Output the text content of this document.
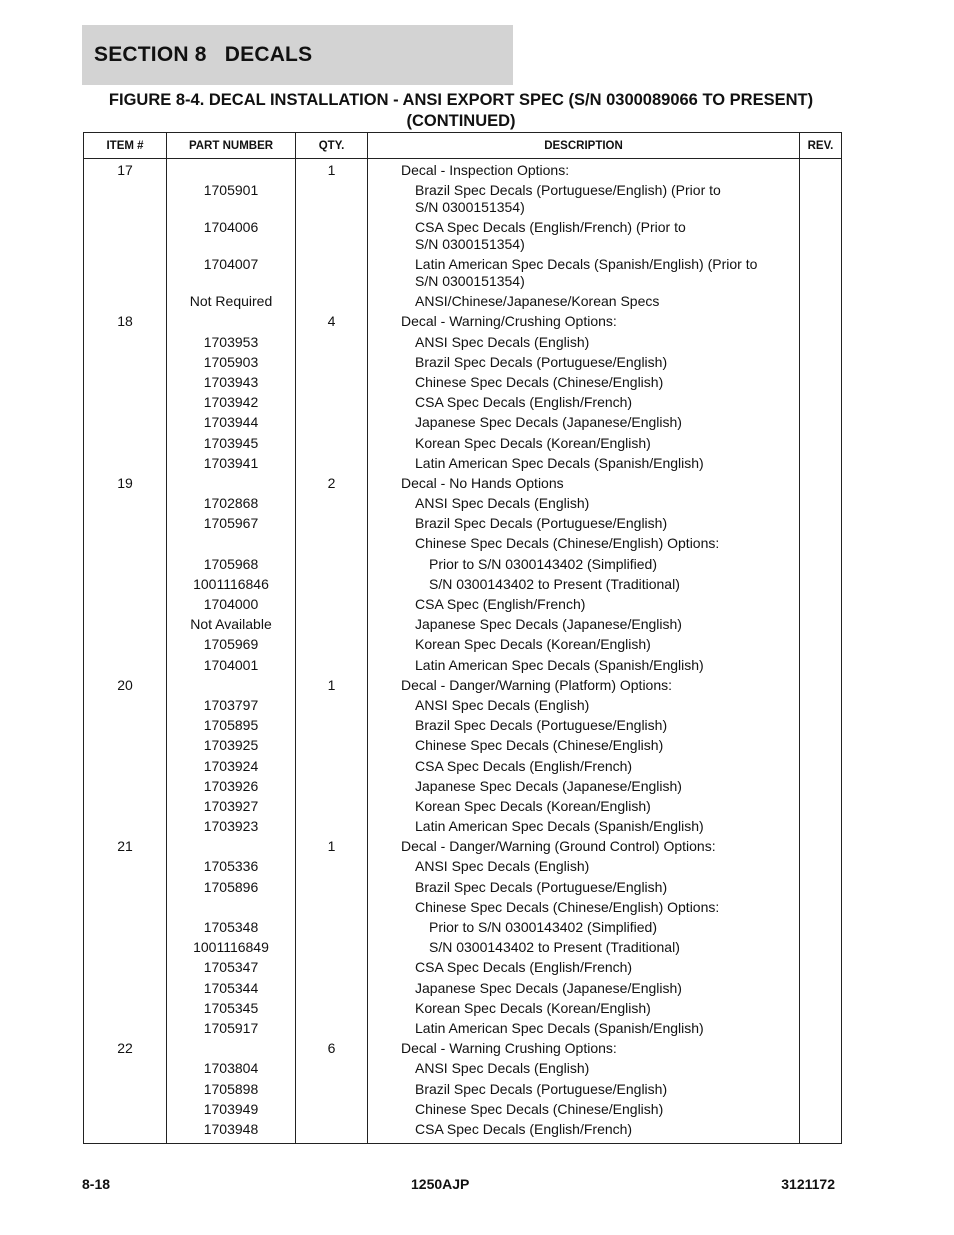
SECTION 8   DECALS
FIGURE 8-4. DECAL INSTALLATION - ANSI EXPORT SPEC (S/N 0300089066 TO PRESENT)
(CONTINUED)
ITEM #	PART NUMBER	QTY.	DESCRIPTION	REV.
17		1	Decal - Inspection Options:	

	1705901		Brazil Spec Decals (Portuguese/English) (Prior to
S/N 0300151354)	

	1704006		CSA Spec Decals (English/French) (Prior to
S/N 0300151354)	

	1704007		Latin American Spec Decals (Spanish/English) (Prior to
S/N 0300151354)	

	Not Required		ANSI/Chinese/Japanese/Korean Specs	

18		4	Decal - Warning/Crushing Options:	

	1703953		ANSI Spec Decals (English)	

	1705903		Brazil Spec Decals (Portuguese/English)	

	1703943		Chinese Spec Decals (Chinese/English)	

	1703942		CSA Spec Decals (English/French)	

	1703944		Japanese Spec Decals (Japanese/English)	

	1703945		Korean Spec Decals (Korean/English)	

	1703941		Latin American Spec Decals (Spanish/English)	

19		2	Decal - No Hands Options	

	1702868		ANSI Spec Decals (English)	

	1705967		Brazil Spec Decals (Portuguese/English)	

			Chinese Spec Decals (Chinese/English) Options:	

	1705968		Prior to S/N 0300143402 (Simplified)	

	1001116846		S/N 0300143402 to Present (Traditional)	

	1704000		CSA Spec (English/French)	

	Not Available		Japanese Spec Decals (Japanese/English)	

	1705969		Korean Spec Decals (Korean/English)	

	1704001		Latin American Spec Decals (Spanish/English)	

20		1	Decal - Danger/Warning (Platform) Options:	

	1703797		ANSI Spec Decals (English)	

	1705895		Brazil Spec Decals (Portuguese/English)	

	1703925		Chinese Spec Decals (Chinese/English)	

	1703924		CSA Spec Decals (English/French)	

	1703926		Japanese Spec Decals (Japanese/English)	

	1703927		Korean Spec Decals (Korean/English)	

	1703923		Latin American Spec Decals (Spanish/English)	

21		1	Decal - Danger/Warning (Ground Control) Options:	

	1705336		ANSI Spec Decals (English)	

	1705896		Brazil Spec Decals (Portuguese/English)	

			Chinese Spec Decals (Chinese/English) Options:	

	1705348		Prior to S/N 0300143402 (Simplified)	

	1001116849		S/N 0300143402 to Present (Traditional)	

	1705347		CSA Spec Decals (English/French)	

	1705344		Japanese Spec Decals (Japanese/English)	

	1705345		Korean Spec Decals (Korean/English)	

	1705917		Latin American Spec Decals (Spanish/English)	

22		6	Decal - Warning Crushing Options:	

	1703804		ANSI Spec Decals (English)	

	1705898		Brazil Spec Decals (Portuguese/English)	

	1703949		Chinese Spec Decals (Chinese/English)	

	1703948		CSA Spec Decals (English/French)	

8-18	1250AJP	3121172
